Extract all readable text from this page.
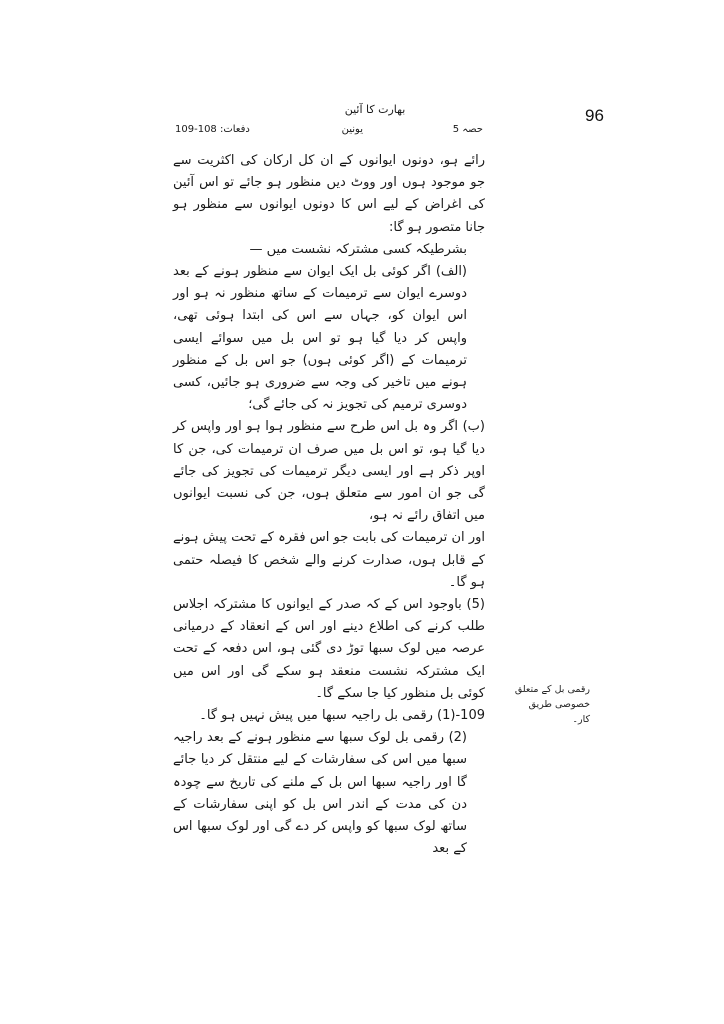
96
بھارت کا آئین
حصہ 5
یونین
دفعات: 108-109

رائے ہو، دونوں ایوانوں کے ان کل ارکان کی اکثریت سے جو موجود ہوں اور ووٹ دیں منظور ہو جائے تو اس آئین کی اغراض کے لیے اس کا دونوں ایوانوں سے منظور ہو جانا متصور ہو گا:

بشرطیکہ کسی مشترکہ نشست میں —

(الف) اگر کوئی بل ایک ایوان سے منظور ہونے کے بعد دوسرے ایوان سے ترمیمات کے ساتھ منظور نہ ہو اور اس ایوان کو، جہاں سے اس کی ابتدا ہوئی تھی، واپس کر دیا گیا ہو تو اس بل میں سوائے ایسی ترمیمات کے (اگر کوئی ہوں) جو اس بل کے منظور ہونے میں تاخیر کی وجہ سے ضروری ہو جائیں، کسی دوسری ترمیم کی تجویز نہ کی جائے گی؛

(ب) اگر وہ بل اس طرح سے منظور ہوا ہو اور واپس کر دیا گیا ہو، تو اس بل میں صرف ان ترمیمات کی، جن کا اوپر ذکر ہے اور ایسی دیگر ترمیمات کی تجویز کی جائے گی جو ان امور سے متعلق ہوں، جن کی نسبت ایوانوں میں اتفاق رائے نہ ہو،

اور ان ترمیمات کی بابت جو اس فقرہ کے تحت پیش ہونے کے قابل ہوں، صدارت کرنے والے شخص کا فیصلہ حتمی ہو گا۔

(5) باوجود اس کے کہ صدر کے ایوانوں کا مشترکہ اجلاس طلب کرنے کی اطلاع دینے اور اس کے انعقاد کے درمیانی عرصہ میں لوک سبھا توڑ دی گئی ہو، اس دفعہ کے تحت ایک مشترکہ نشست منعقد ہو سکے گی اور اس میں کوئی بل منظور کیا جا سکے گا۔

109-(1) رقمی بل راجیہ سبھا میں پیش نہیں ہو گا۔

(2) رقمی بل لوک سبھا سے منظور ہونے کے بعد راجیہ سبھا میں اس کی سفارشات کے لیے منتقل کر دیا جائے گا اور راجیہ سبھا اس بل کے ملنے کی تاریخ سے چودہ دن کی مدت کے اندر اس بل کو اپنی سفارشات کے ساتھ لوک سبھا کو واپس کر دے گی اور لوک سبھا اس کے بعد

رقمی بل کے متعلق خصوصی طریق کار۔
